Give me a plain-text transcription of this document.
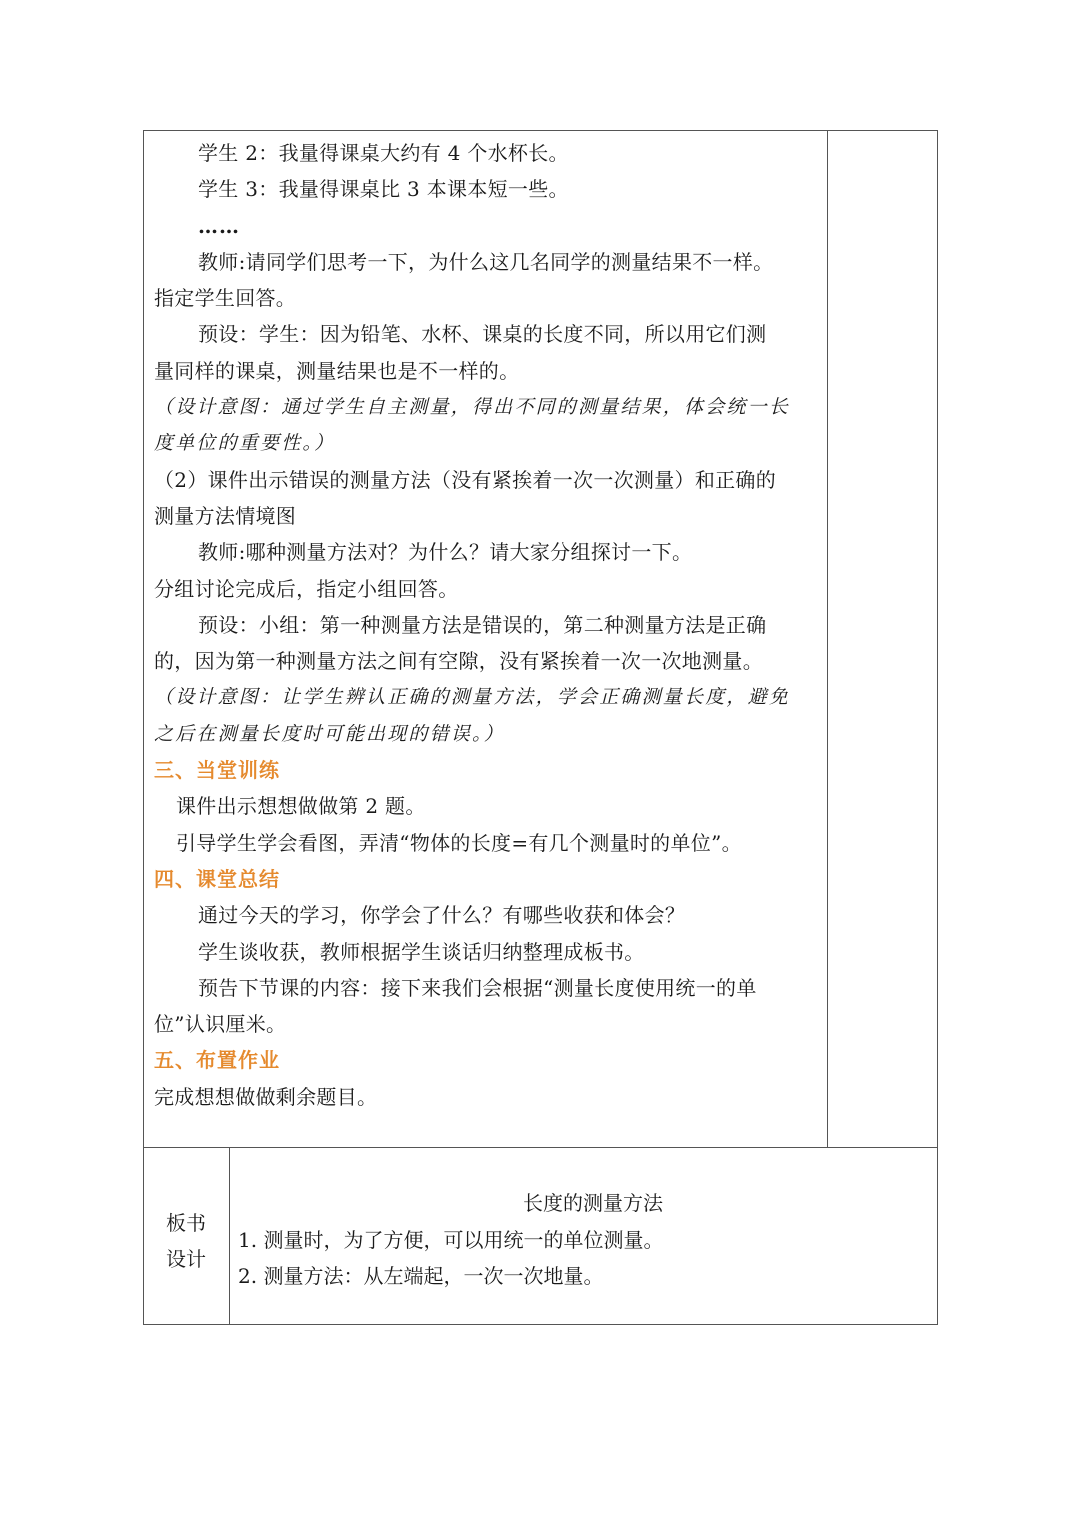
学生 2：我量得课桌大约有 4 个水杯长。
学生 3：我量得课桌比 3 本课本短一些。
……
教师:请同学们思考一下，为什么这几名同学的测量结果不一样。
指定学生回答。
预设：学生：因为铅笔、水杯、课桌的长度不同，所以用它们测
量同样的课桌，测量结果也是不一样的。
（设计意图：通过学生自主测量，得出不同的测量结果，体会统一长
度单位的重要性。）
（2）课件出示错误的测量方法（没有紧挨着一次一次测量）和正确的
测量方法情境图
教师:哪种测量方法对？为什么？请大家分组探讨一下。
分组讨论完成后，指定小组回答。
预设：小组：第一种测量方法是错误的，第二种测量方法是正确
的，因为第一种测量方法之间有空隙，没有紧挨着一次一次地测量。
（设计意图：让学生辨认正确的测量方法，学会正确测量长度，避免
之后在测量长度时可能出现的错误。）
三、当堂训练
课件出示想想做做第 2 题。
引导学生学会看图，弄清“物体的长度=有几个测量时的单位”。
四、课堂总结
通过今天的学习，你学会了什么？有哪些收获和体会？
学生谈收获，教师根据学生谈话归纳整理成板书。
预告下节课的内容：接下来我们会根据“测量长度使用统一的单
位”认识厘米。
五、布置作业
完成想想做做剩余题目。
板书
设计
长度的测量方法
1. 测量时，为了方便，可以用统一的单位测量。
2. 测量方法：从左端起，一次一次地量。
